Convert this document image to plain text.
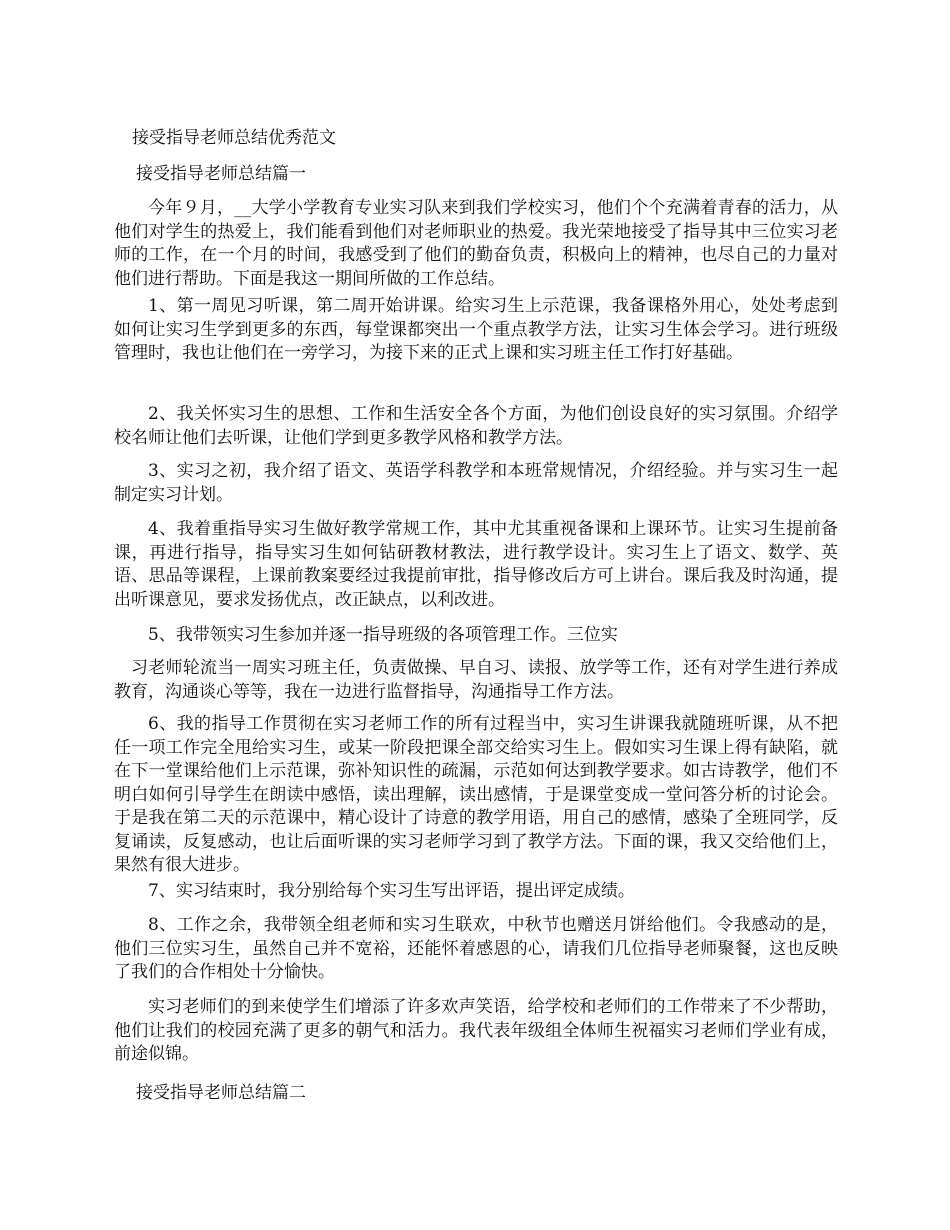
接受指导老师总结优秀范文
接受指导老师总结篇一

今年９月，__大学小学教育专业实习队来到我们学校实习，他们个个充满着青春的活力，从他们对学生的热爱上，我们能看到他们对老师职业的热爱。我光荣地接受了指导其中三位实习老师的工作，在一个月的时间，我感受到了他们的勤奋负责，积极向上的精神，也尽自己的力量对他们进行帮助。下面是我这一期间所做的工作总结。

1、第一周见习听课，第二周开始讲课。给实习生上示范课，我备课格外用心，处处考虑到如何让实习生学到更多的东西，每堂课都突出一个重点教学方法，让实习生体会学习。进行班级管理时，我也让他们在一旁学习，为接下来的正式上课和实习班主任工作打好基础。

2、我关怀实习生的思想、工作和生活安全各个方面，为他们创设良好的实习氛围。介绍学校名师让他们去听课，让他们学到更多教学风格和教学方法。

3、实习之初，我介绍了语文、英语学科教学和本班常规情况，介绍经验。并与实习生一起制定实习计划。

4、我着重指导实习生做好教学常规工作，其中尤其重视备课和上课环节。让实习生提前备课，再进行指导，指导实习生如何钻研教材教法，进行教学设计。实习生上了语文、数学、英语、思品等课程，上课前教案要经过我提前审批，指导修改后方可上讲台。课后我及时沟通，提出听课意见，要求发扬优点，改正缺点，以利改进。

5、我带领实习生参加并逐一指导班级的各项管理工作。三位实

习老师轮流当一周实习班主任，负责做操、早自习、读报、放学等工作，还有对学生进行养成教育，沟通谈心等等，我在一边进行监督指导，沟通指导工作方法。

6、我的指导工作贯彻在实习老师工作的所有过程当中，实习生讲课我就随班听课，从不把任一项工作完全甩给实习生，或某一阶段把课全部交给实习生上。假如实习生课上得有缺陷，就在下一堂课给他们上示范课，弥补知识性的疏漏，示范如何达到教学要求。如古诗教学，他们不明白如何引导学生在朗读中感悟，读出理解，读出感情，于是课堂变成一堂问答分析的讨论会。于是我在第二天的示范课中，精心设计了诗意的教学用语，用自己的感情，感染了全班同学，反复诵读，反复感动，也让后面听课的实习老师学习到了教学方法。下面的课，我又交给他们上，果然有很大进步。

7、实习结束时，我分别给每个实习生写出评语，提出评定成绩。

8、工作之余，我带领全组老师和实习生联欢，中秋节也赠送月饼给他们。令我感动的是，他们三位实习生，虽然自己并不宽裕，还能怀着感恩的心，请我们几位指导老师聚餐，这也反映了我们的合作相处十分愉快。

实习老师们的到来使学生们增添了许多欢声笑语，给学校和老师们的工作带来了不少帮助，他们让我们的校园充满了更多的朝气和活力。我代表年级组全体师生祝福实习老师们学业有成，前途似锦。

接受指导老师总结篇二
